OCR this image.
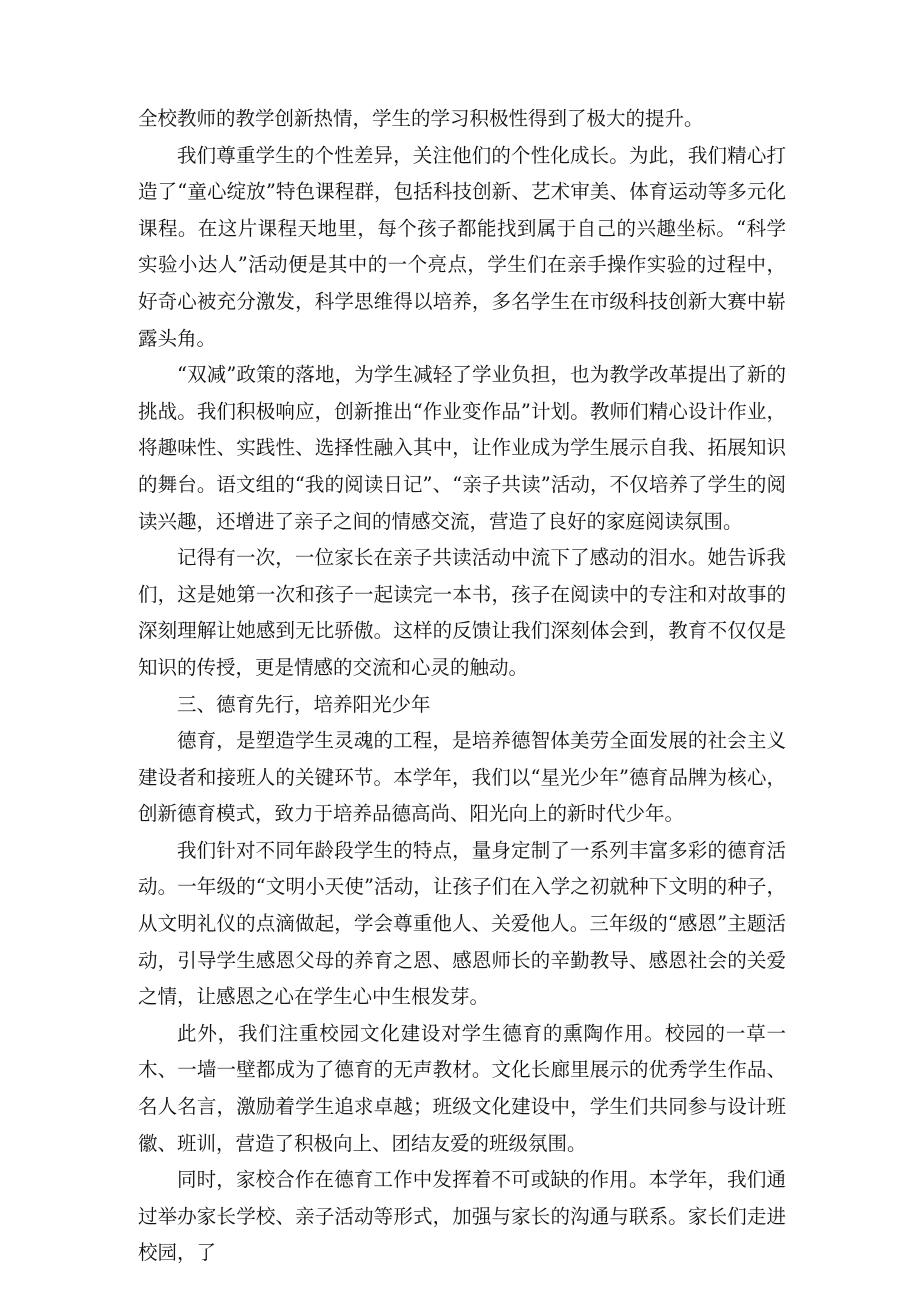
全校教师的教学创新热情，学生的学习积极性得到了极大的提升。

我们尊重学生的个性差异，关注他们的个性化成长。为此，我们精心打造了“童心绽放”特色课程群，包括科技创新、艺术审美、体育运动等多元化课程。在这片课程天地里，每个孩子都能找到属于自己的兴趣坐标。“科学实验小达人”活动便是其中的一个亮点，学生们在亲手操作实验的过程中，好奇心被充分激发，科学思维得以培养，多名学生在市级科技创新大赛中崭露头角。

“双减”政策的落地，为学生减轻了学业负担，也为教学改革提出了新的挑战。我们积极响应，创新推出“作业变作品”计划。教师们精心设计作业，将趣味性、实践性、选择性融入其中，让作业成为学生展示自我、拓展知识的舞台。语文组的“我的阅读日记”、“亲子共读”活动，不仅培养了学生的阅读兴趣，还增进了亲子之间的情感交流，营造了良好的家庭阅读氛围。

记得有一次，一位家长在亲子共读活动中流下了感动的泪水。她告诉我们，这是她第一次和孩子一起读完一本书，孩子在阅读中的专注和对故事的深刻理解让她感到无比骄傲。这样的反馈让我们深刻体会到，教育不仅仅是知识的传授，更是情感的交流和心灵的触动。

三、德育先行，培养阳光少年

德育，是塑造学生灵魂的工程，是培养德智体美劳全面发展的社会主义建设者和接班人的关键环节。本学年，我们以“星光少年”德育品牌为核心，创新德育模式，致力于培养品德高尚、阳光向上的新时代少年。

我们针对不同年龄段学生的特点，量身定制了一系列丰富多彩的德育活动。一年级的“文明小天使”活动，让孩子们在入学之初就种下文明的种子，从文明礼仪的点滴做起，学会尊重他人、关爱他人。三年级的“感恩”主题活动，引导学生感恩父母的养育之恩、感恩师长的辛勤教导、感恩社会的关爱之情，让感恩之心在学生心中生根发芽。

此外，我们注重校园文化建设对学生德育的熏陶作用。校园的一草一木、一墙一壁都成为了德育的无声教材。文化长廊里展示的优秀学生作品、名人名言，激励着学生追求卓越；班级文化建设中，学生们共同参与设计班徽、班训，营造了积极向上、团结友爱的班级氛围。

同时，家校合作在德育工作中发挥着不可或缺的作用。本学年，我们通过举办家长学校、亲子活动等形式，加强与家长的沟通与联系。家长们走进校园，了
